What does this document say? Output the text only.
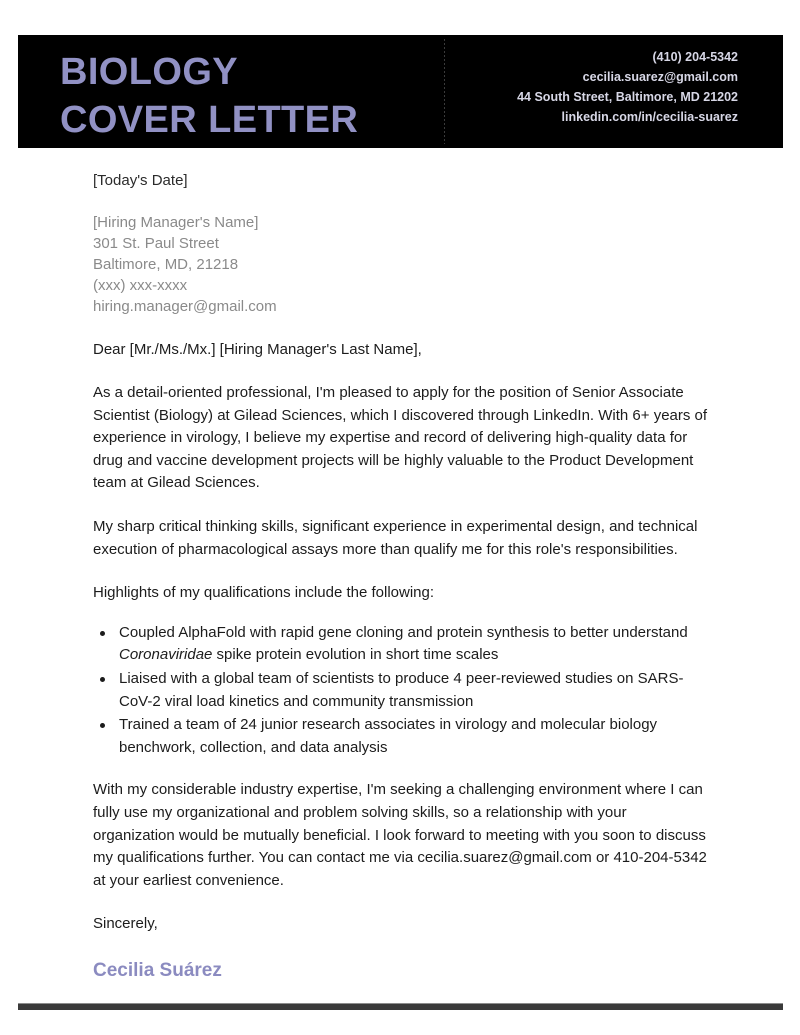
BIOLOGY
COVER LETTER
(410) 204-5342
cecilia.suarez@gmail.com
44 South Street, Baltimore, MD 21202
linkedin.com/in/cecilia-suarez
[Today's Date]
[Hiring Manager's Name]
301 St. Paul Street
Baltimore, MD, 21218
(xxx) xxx-xxxx
hiring.manager@gmail.com
Dear [Mr./Ms./Mx.] [Hiring Manager's Last Name],
As a detail-oriented professional, I'm pleased to apply for the position of Senior Associate Scientist (Biology) at Gilead Sciences, which I discovered through LinkedIn. With 6+ years of experience in virology, I believe my expertise and record of delivering high-quality data for drug and vaccine development projects will be highly valuable to the Product Development team at Gilead Sciences.
My sharp critical thinking skills, significant experience in experimental design, and technical execution of pharmacological assays more than qualify me for this role's responsibilities.
Highlights of my qualifications include the following:
Coupled AlphaFold with rapid gene cloning and protein synthesis to better understand Coronaviridae spike protein evolution in short time scales
Liaised with a global team of scientists to produce 4 peer-reviewed studies on SARS-CoV-2 viral load kinetics and community transmission
Trained a team of 24 junior research associates in virology and molecular biology benchwork, collection, and data analysis
With my considerable industry expertise, I'm seeking a challenging environment where I can fully use my organizational and problem solving skills, so a relationship with your organization would be mutually beneficial. I look forward to meeting with you soon to discuss my qualifications further. You can contact me via cecilia.suarez@gmail.com or 410-204-5342 at your earliest convenience.
Sincerely,
Cecilia Suárez
